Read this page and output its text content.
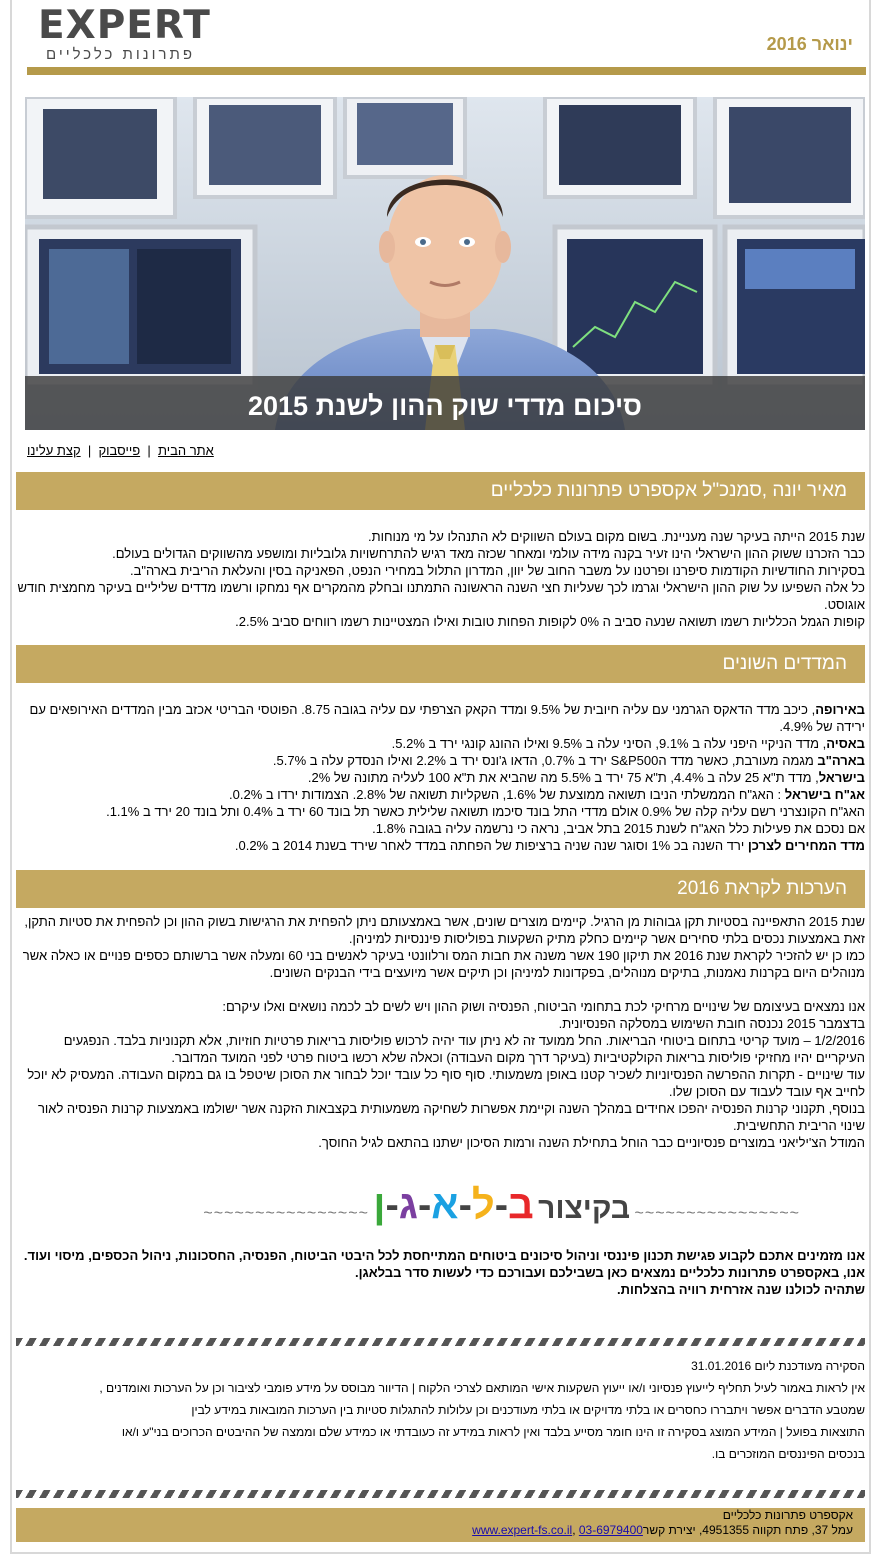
EXPERT
פתרונות כלכליים
ינואר 2016
סיכום מדדי שוק ההון לשנת 2015
אתר הבית  |  פייסבוק  |  קצת עלינו
מאיר יונה ,סמנכ"ל אקספרט פתרונות כלכליים

שנת 2015 הייתה בעיקר שנה מעניינת. בשום מקום בעולם השווקים לא התנהלו על מי מנוחות.

כבר הזכרנו ששוק ההון הישראלי הינו זעיר בקנה מידה עולמי ומאחר שכזה מאד רגיש להתרחשויות גלובליות ומושפע מהשווקים הגדולים בעולם.

בסקירות החודשיות הקודמות סיפרנו ופרטנו על משבר החוב של יוון, המדרון התלול במחירי הנפט, הפאניקה בסין והעלאת הריבית בארה"ב.

כל אלה השפיעו על שוק ההון הישראלי וגרמו לכך שעליות חצי השנה הראשונה התמתנו ובחלק מהמקרים אף נמחקו ורשמו מדדים שליליים בעיקר מחמצית חודש אוגוסט.

קופות הגמל הכלליות רשמו תשואה שנעה סביב ה 0% לקופות הפחות טובות ואילו המצטיינות רשמו רווחים סביב 2.5%.

המדדים השונים

באירופה, כיכב מדד הדאקס הגרמני עם עליה חיובית של 9.5% ומדד הקאק הצרפתי עם עליה בגובה 8.75. הפוטסי הבריטי אכזב מבין המדדים האירופאים עם ירידה של 4.9%.

באסיה, מדד הניקיי היפני עלה ב 9.1%, הסיני עלה ב 9.5% ואילו ההונג קונגי ירד ב 5.2%.

בארה"ב מגמה מעורבת, כאשר מדד הS&P500 ירד ב 0.7%, הדאו ג'ונס ירד ב 2.2% ואילו הנסדק עלה ב 5.7%.

בישראל, מדד ת"א 25 עלה ב 4.4%, ת"א 75 ירד ב 5.5% מה שהביא את ת"א 100 לעליה מתונה של 2%.

אג"ח בישראל : האג"ח הממשלתי הניבו תשואה ממוצעת של 1.6%, השקליות תשואה של 2.8%. הצמודות ירדו ב 0.2%.

האג"ח הקונצרני רשם עליה קלה של 0.9% אולם מדדי התל בונד סיכמו תשואה שלילית כאשר תל בונד 60 ירד ב 0.4% ותל בונד 20 ירד ב 1.1%.

אם נסכם את פעילות כלל האג"ח לשנת 2015 בתל אביב, נראה כי נרשמה עליה בגובה 1.8%.

מדד המחירים לצרכן ירד השנה בכ 1% וסוגר שנה שניה ברציפות של הפחתה במדד לאחר שירד בשנת 2014 ב 0.2%.

הערכות לקראת 2016

שנת 2015 התאפיינה בסטיות תקן גבוהות מן הרגיל. קיימים מוצרים שונים, אשר באמצעותם ניתן להפחית את הרגישות בשוק ההון וכן להפחית את סטיות התקן, זאת באמצעות נכסים בלתי סחירים אשר קיימים כחלק מתיק השקעות בפוליסות פיננסיות למיניהן.

כמו כן יש להזכיר לקראת שנת 2016 את תיקון 190 אשר משנה את חבות המס ורלוונטי בעיקר לאנשים בני 60 ומעלה אשר ברשותם כספים פנויים או כאלה אשר מנוהלים היום בקרנות נאמנות, בתיקים מנוהלים, בפקדונות למיניהן וכן תיקים אשר מיועצים בידי הבנקים השונים.

אנו נמצאים בעיצומם של שינויים מרחיקי לכת בתחומי הביטוח, הפנסיה ושוק ההון ויש לשים לב לכמה נושאים ואלו עיקרם:

בדצמבר 2015 נכנסה חובת השימוש במסלקה הפנסיונית.

1/2/2016 – מועד קריטי בתחום ביטוחי הבריאות. החל ממועד זה לא ניתן עוד יהיה לרכוש פוליסות בריאות פרטיות חוזיות, אלא תקנוניות בלבד. הנפגעים העיקריים יהיו מחזיקי פוליסות בריאות הקולקטיביות (בעיקר דרך מקום העבודה) וכאלה שלא רכשו ביטוח פרטי לפני המועד המדובר.

עוד שינויים - תקרות ההפרשה הפנסיוניות לשכיר קטנו באופן משמעותי. סוף סוף כל עובד יוכל לבחור את הסוכן שיטפל בו גם במקום העבודה. המעסיק לא יוכל לחייב אף עובד לעבוד עם הסוכן שלו.

בנוסף, תקנוני קרנות הפנסיה יהפכו אחידים במהלך השנה וקיימת אפשרות לשחיקה משמעותית בקצבאות הזקנה אשר ישולמו באמצעות קרנות הפנסיה לאור שינוי הריבית התחשיבית.

המודל הצ'יליאני במוצרים פנסיוניים כבר הוחל בתחילת השנה ורמות הסיכון ישתנו בהתאם לגיל החוסך.

~~~~~~~~~~~~~~~~ בקיצור ב-ל-א-ג-ן ~~~~~~~~~~~~~~~~

אנו מזמינים אתכם לקבוע פגישת תכנון פיננסי וניהול סיכונים ביטוחים המתייחסת לכל היבטי הביטוח, הפנסיה, החסכונות, ניהול הכספים, מיסוי ועוד.

אנו, באקספרט פתרונות כלכליים נמצאים כאן בשבילכם ועבורכם כדי לעשות סדר בבלאגן.

שתהיה לכולנו שנה אזרחית רוויה בהצלחות.

הסקירה מעודכנת ליום 31.01.2016
אין לראות באמור לעיל תחליף לייעוץ פנסיוני ו/או ייעוץ השקעות אישי המותאם לצרכי הלקוח | הדיוור מבוסס על מידע פומבי לציבור וכן על הערכות ואומדנים ,
שמטבע הדברים אפשר ויתבררו כחסרים או בלתי מדויקים או בלתי מעודכנים וכן עלולות להתגלות סטיות בין הערכות המובאות במידע לבין
התוצאות בפועל | המידע המוצג בסקירה זו הינו חומר מסייע בלבד ואין לראות במידע זה כעובדתי או כמידע שלם וממצה של ההיבטים הכרוכים בני"ע ו/או
בנכסים הפיננסים המוזכרים בו.
אקספרט פתרונות כלכליים
עמל 37, פתח תקווה 4951355, יצירת קשרwww.expert-fs.co.il, 03-6979400
